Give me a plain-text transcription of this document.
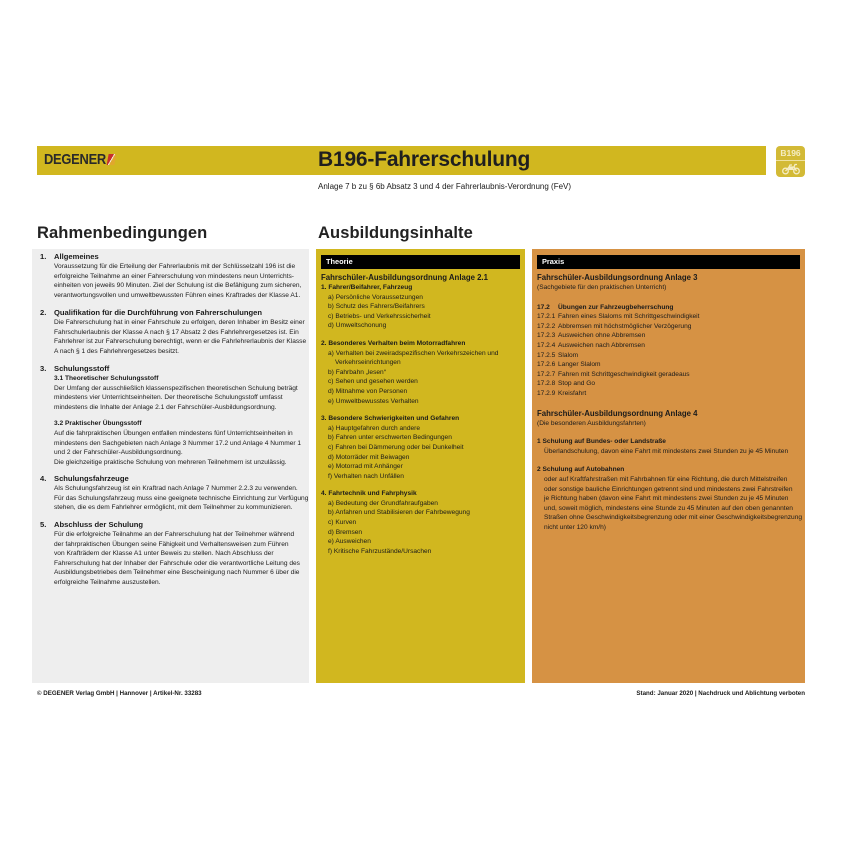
DEGENER	B196-Fahrerschulung	B196
Anlage 7 b zu § 6b Absatz 3 und 4 der Fahrerlaubnis-Verordnung (FeV)
Rahmenbedingungen	Ausbildungsinhalte
1. Allgemeines
Voraussetzung für die Erteilung der Fahrerlaubnis mit der Schlüsselzahl 196 ist die
erfolgreiche Teilnahme an einer Fahrerschulung von mindestens neun Unterrichts-
einheiten von jeweils 90 Minuten. Ziel der Schulung ist die Befähigung zum sicheren,
verantwortungsvollen und umweltbewussten Führen eines Kraftrades der Klasse A1.
2. Qualifikation für die Durchführung von Fahrerschulungen
Die Fahrerschulung hat in einer Fahrschule zu erfolgen, deren Inhaber im Besitz einer
Fahrschulerlaubnis der Klasse A nach § 17 Absatz 2 des Fahrlehrergesetzes ist. Ein
Fahrlehrer ist zur Fahrerschulung berechtigt, wenn er die Fahrlehrerlaubnis der Klasse
A nach § 1 des Fahrlehrergesetzes besitzt.
3. Schulungsstoff
3.1 Theoretischer Schulungsstoff
Der Umfang der ausschließlich klassenspezifischen theoretischen Schulung beträgt
mindestens vier Unterrichtseinheiten. Der theoretische Schulungsstoff umfasst
mindestens die Inhalte der Anlage 2.1 der Fahrschüler-Ausbildungsordnung.
3.2 Praktischer Übungsstoff
Auf die fahrpraktischen Übungen entfallen mindestens fünf Unterrichtseinheiten in
mindestens den Sachgebieten nach Anlage 3 Nummer 17.2 und Anlage 4 Nummer 1
und 2 der Fahrschüler-Ausbildungsordnung.
Die gleichzeitige praktische Schulung von mehreren Teilnehmern ist unzulässig.
4. Schulungsfahrzeuge
Als Schulungsfahrzeug ist ein Kraftrad nach Anlage 7 Nummer 2.2.3 zu verwenden.
Für das Schulungsfahrzeug muss eine geeignete technische Einrichtung zur Verfügung
stehen, die es dem Fahrlehrer ermöglicht, mit dem Teilnehmer zu kommunizieren.
5. Abschluss der Schulung
Für die erfolgreiche Teilnahme an der Fahrerschulung hat der Teilnehmer während
der fahrpraktischen Übungen seine Fähigkeit und Verhaltensweisen zum Führen
von Krafträdern der Klasse A1 unter Beweis zu stellen. Nach Abschluss der
Fahrerschulung hat der Inhaber der Fahrschule oder die verantwortliche Leitung des
Ausbildungsbetriebes dem Teilnehmer eine Bescheinigung nach Nummer 6 über die
erfolgreiche Teilnahme auszustellen.
Theorie
Fahrschüler-Ausbildungsordnung Anlage 2.1
1. Fahrer/Beifahrer, Fahrzeug
a) Persönliche Voraussetzungen
b) Schutz des Fahrers/Beifahrers
c) Betriebs- und Verkehrssicherheit
d) Umweltschonung
2. Besonderes Verhalten beim Motorradfahren
a) Verhalten bei zweiradspezifischen Verkehrszeichen und
Verkehrseinrichtungen
b) Fahrbahn „lesen“
c) Sehen und gesehen werden
d) Mitnahme von Personen
e) Umweltbewusstes Verhalten
3. Besondere Schwierigkeiten und Gefahren
a) Hauptgefahren durch andere
b) Fahren unter erschwerten Bedingungen
c) Fahren bei Dämmerung oder bei Dunkelheit
d) Motorräder mit Beiwagen
e) Motorrad mit Anhänger
f) Verhalten nach Unfällen
4. Fahrtechnik und Fahrphysik
a) Bedeutung der Grundfahraufgaben
b) Anfahren und Stabilisieren der Fahrbewegung
c) Kurven
d) Bremsen
e) Ausweichen
f) Kritische Fahrzustände/Ursachen
Praxis
Fahrschüler-Ausbildungsordnung Anlage 3
(Sachgebiete für den praktischen Unterricht)
17.2 Übungen zur Fahrzeugbeherrschung
17.2.1 Fahren eines Slaloms mit Schrittgeschwindigkeit
17.2.2 Abbremsen mit höchstmöglicher Verzögerung
17.2.3 Ausweichen ohne Abbremsen
17.2.4 Ausweichen nach Abbremsen
17.2.5 Slalom
17.2.6 Langer Slalom
17.2.7 Fahren mit Schrittgeschwindigkeit geradeaus
17.2.8 Stop and Go
17.2.9 Kreisfahrt
Fahrschüler-Ausbildungsordnung Anlage 4
(Die besonderen Ausbildungsfahrten)
1 Schulung auf Bundes- oder Landstraße
Überlandschulung, davon eine Fahrt mit mindestens zwei Stunden zu je 45 Minuten
2 Schulung auf Autobahnen
oder auf Kraftfahrstraßen mit Fahrbahnen für eine Richtung, die durch Mittelstreifen
oder sonstige bauliche Einrichtungen getrennt sind und mindestens zwei Fahrstreifen
je Richtung haben (davon eine Fahrt mit mindestens zwei Stunden zu je 45 Minuten
und, soweit möglich, mindestens eine Stunde zu 45 Minuten auf den oben genannten
Straßen ohne Geschwindigkeitsbegrenzung oder mit einer Geschwindigkeitsbegrenzung
nicht unter 120 km/h)
© DEGENER Verlag GmbH | Hannover | Artikel-Nr. 33283	Stand: Januar 2020 | Nachdruck und Ablichtung verboten
